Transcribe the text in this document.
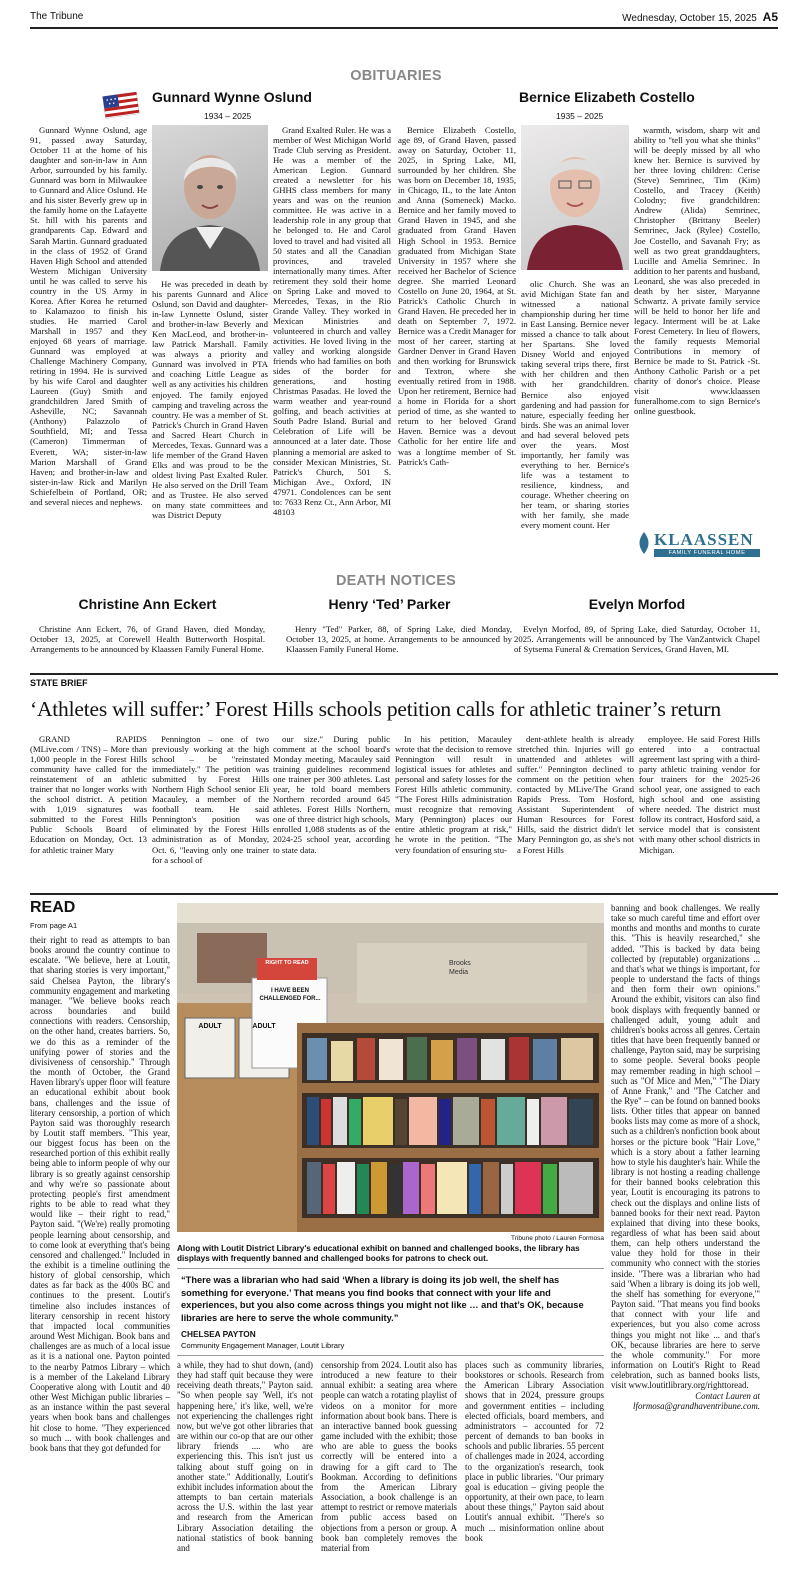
The Tribune	Wednesday, October 15, 2025 A5
OBITUARIES
Gunnard Wynne Oslund
1934 – 2025

Gunnard Wynne Oslund, age 91, passed away Saturday, October 11 at the home of his daughter and son-in-law in Ann Arbor, surrounded by his family. Gunnard was born in Milwaukee to Gunnard and Alice Oslund. He and his sister Beverly grew up in the family home on the Lafayette St. hill with his parents and grandparents Cap. Edward and Sarah Martin. Gunnard graduated in the class of 1952 of Grand Haven High School and attended Western Michigan University until he was called to serve his country in the US Army in Korea. After Korea he returned to Kalamazoo to finish his studies. He married Carol Marshall in 1957 and they enjoyed 68 years of marriage. Gunnard was employed at Challenge Machinery Company, retiring in 1994. He is survived by his wife Carol and daughter Laureen (Guy) Smith and grandchildren Jared Smith of Asheville, NC; Savannah (Anthony) Palazzolo of Southfield, MI; and Tessa (Cameron) Timmerman of Everett, WA; sister-in-law Marion Marshall of Grand Haven; and brother-in-law and sister-in-law Rick and Marilyn Schiefelbein of Portland, OR; and several nieces and nephews.

He was preceded in death by his parents Gunnard and Alice Oslund, son David and daughter-in-law Lynnette Oslund, sister and brother-in-law Beverly and Ken MacLeod, and brother-in-law Patrick Marshall. Family was always a priority and Gunnard was involved in PTA and coaching Little League as well as any activities his children enjoyed. The family enjoyed camping and traveling across the country. He was a member of St. Patrick's Church in Grand Haven and Sacred Heart Church in Mercedes, Texas. Gunnard was a life member of the Grand Haven Elks and was proud to be the oldest living Past Exalted Ruler. He also served on the Drill Team and as Trustee. He also served on many state committees and was District Deputy

Grand Exalted Ruler. He was a member of West Michigan World Trade Club serving as President. He was a member of the American Legion. Gunnard created a newsletter for his GHHS class members for many years and was on the reunion committee. He was active in a leadership role in any group that he belonged to. He and Carol loved to travel and had visited all 50 states and all the Canadian provinces, and traveled internationally many times. After retirement they sold their home on Spring Lake and moved to Mercedes, Texas, in the Rio Grande Valley. They worked in Mexican Ministries and volunteered in church and valley activities. He loved living in the valley and working alongside friends who had families on both sides of the border for generations, and hosting Christmas Pasadas. He loved the warm weather and year-round golfing, and beach activities at South Padre Island. Burial and Celebration of Life will be announced at a later date. Those planning a memorial are asked to consider Mexican Ministries, St. Patrick's Church, 501 S. Michigan Ave., Oxford, IN 47971. Condolences can be sent to: 7633 Renz Ct., Ann Arbor, MI 48103

Bernice Elizabeth Costello
1935 – 2025

Bernice Elizabeth Costello, age 89, of Grand Haven, passed away on Saturday, October 11, 2025, in Spring Lake, MI, surrounded by her children. She was born on December 18, 1935, in Chicago, IL, to the late Anton and Anna (Someneck) Macko. Bernice and her family moved to Grand Haven in 1945, and she graduated from Grand Haven High School in 1953. Bernice graduated from Michigan State University in 1957 where she received her Bachelor of Science degree. She married Leonard Costello on June 20, 1964, at St. Patrick's Catholic Church in Grand Haven. He preceded her in death on September 7, 1972. Bernice was a Credit Manager for most of her career, starting at Gardner Denver in Grand Haven and then working for Brunswick and Textron, where she eventually retired from in 1988. Upon her retirement, Bernice had a home in Florida for a short period of time, as she wanted to return to her beloved Grand Haven. Bernice was a devout Catholic for her entire life and was a longtime member of St. Patrick's Cath-

olic Church. She was an avid Michigan State fan and witnessed a national championship during her time in East Lansing. Bernice never missed a chance to talk about her Spartans. She loved Disney World and enjoyed taking several trips there, first with her children and then with her grandchildren. Bernice also enjoyed gardening and had passion for nature, especially feeding her birds. She was an animal lover and had several beloved pets over the years. Most importantly, her family was everything to her. Bernice's life was a testament to resilience, kindness, and courage. Whether cheering on her team, or sharing stories with her family, she made every moment count. Her

warmth, wisdom, sharp wit and ability to "tell you what she thinks" will be deeply missed by all who knew her. Bernice is survived by her three loving children: Cerise (Steve) Semrinec, Tim (Kim) Costello, and Tracey (Keith) Colodny; five grandchildren: Andrew (Alida) Semrinec, Christopher (Brittany Beeler) Semrinec, Jack (Rylee) Costello, Joe Costello, and Savanah Fry; as well as two great granddaughters, Lucille and Amelia Semrinec. In addition to her parents and husband, Leonard, she was also preceded in death by her sister, Maryanne Schwartz. A private family service will be held to honor her life and legacy. Interment will be at Lake Forest Cemetery. In lieu of flowers, the family requests Memorial Contributions in memory of Bernice be made to St. Patrick -St. Anthony Catholic Parish or a pet charity of donor's choice. Please visit www.klaassen funeralhome.com to sign Bernice's online guestbook.

KLAASSEN
FAMILY FUNERAL HOME
DEATH NOTICES
Christine Ann Eckert	Henry ‘Ted’ Parker	Evelyn Morfod

Christine Ann Eckert, 76, of Grand Haven, died Monday, October 13, 2025, at Corewell Health Butterworth Hospital. Arrangements to be announced by Klaassen Family Funeral Home.

Henry "Ted" Parker, 88, of Spring Lake, died Monday, October 13, 2025, at home. Arrangements to be announced by Klaassen Family Funeral Home.

Evelyn Morfod, 89, of Spring Lake, died Saturday, October 11, 2025. Arrangements will be announced by The VanZantwick Chapel of Sytsema Funeral & Cremation Services, Grand Haven, MI.

STATE BRIEF
‘Athletes will suffer:’ Forest Hills schools petition calls for athletic trainer’s return

GRAND RAPIDS (MLive.com / TNS) – More than 1,000 people in the Forest Hills community have called for the reinstatement of an athletic trainer that no longer works with the school district. A petition with 1,019 signatures was submitted to the Forest Hills Public Schools Board of Education on Monday, Oct. 13 for athletic trainer Mary

Pennington – one of two previously working at the high school – be "reinstated immediately." The petition was submitted by Forest Hills Northern High School senior Eli Macauley, a member of the football team. He said Pennington's position was eliminated by the Forest Hills administration as of Monday, Oct. 6, "leaving only one trainer for a school of

our size." During public comment at the school board's Monday meeting, Macauley said training guidelines recommend one trainer per 300 athletes. Last year, he told board members Northern recorded around 645 athletes. Forest Hills Northern, one of three district high schools, enrolled 1,088 students as of the 2024-25 school year, according to state data.

In his petition, Macauley wrote that the decision to remove Pennington will result in logistical issues for athletes and personal and safety losses for the Forest Hills athletic community. "The Forest Hills administration must recognize that removing Mary (Pennington) places our entire athletic program at risk," he wrote in the petition. "The very foundation of ensuring stu-

dent-athlete health is already stretched thin. Injuries will go unattended and athletes will suffer." Pennington declined to comment on the petition when contacted by MLive/The Grand Rapids Press. Tom Hosford, Assistant Superintendent of Human Resources for Forest Hills, said the district didn't let Mary Pennington go, as she's not a Forest Hills

employee. He said Forest Hills entered into a contractual agreement last spring with a third-party athletic training vendor for four trainers for the 2025-26 school year, one assigned to each high school and one assisting where needed. The district must follow its contract, Hosford said, a service model that is consistent with many other school districts in Michigan.

READ
From page A1

their right to read as attempts to ban books around the country continue to escalate. "We believe, here at Loutit, that sharing stories is very important," said Chelsea Payton, the library's community engagement and marketing manager. "We believe books reach across boundaries and build connections with readers. Censorship, on the other hand, creates barriers. So, we do this as a reminder of the unifying power of stories and the divisiveness of censorship." Through the month of October, the Grand Haven library's upper floor will feature an educational exhibit about book bans, challenges and the issue of literary censorship, a portion of which Payton said was thoroughly research by Loutit staff members. "This year, our biggest focus has been on the researched portion of this exhibit really being able to inform people of why our library is so greatly against censorship and why we're so passionate about protecting people's first amendment rights to be able to read what they would like – their right to read," Payton said. "(We're) really promoting people learning about censorship, and to come look at everything that's being censored and challenged." Included in the exhibit is a timeline outlining the history of global censorship, which dates as far back as the 400s BC and continues to the present. Loutit's timeline also includes instances of literary censorship in recent history that impacted local communities around West Michigan. Book bans and challenges are as much of a local issue as it is a national one. Payton pointed to the nearby Patmos Library – which is a member of the Lakeland Library Cooperative along with Loutit and 40 other West Michigan public libraries – as an instance within the past several years when book bans and challenges hit close to home. "They experienced so much ... with book challenges and book bans that they got defunded for

RIGHT TO READ
I HAVE BEEN CHALLENGED FOR...
ADULT	ADULT
Brooks Media
Tribune photo / Lauren Formosa
Along with Loutit District Library's educational exhibit on banned and challenged books, the library has displays with frequently banned and challenged books for patrons to check out.
“There was a librarian who had said ‘When a library is doing its job well, the shelf has something for everyone.’ That means you find books that connect with your life and experiences, but you also come across things you might not like … and that’s OK, because libraries are here to serve the whole community.”
CHELSEA PAYTON
Community Engagement Manager, Loutit Library

a while, they had to shut down, (and) they had staff quit because they were receiving death threats," Payton said. "So when people say 'Well, it's not happening here,' it's like, well, we're not experiencing the challenges right now, but we've got other libraries that are within our co-op that are our other library friends .... who are experiencing this. This isn't just us talking about stuff going on in another state." Additionally, Loutit's exhibit includes information about the attempts to ban certain materials across the U.S. within the last year and research from the American Library Association detailing the national statistics of book banning and

censorship from 2024. Loutit also has introduced a new feature to their annual exhibit: a seating area where people can watch a rotating playlist of videos on a monitor for more information about book bans. There is an interactive banned book guessing game included with the exhibit; those who are able to guess the books correctly will be entered into a drawing for a gift card to The Bookman. According to definitions from the American Library Association, a book challenge is an attempt to restrict or remove materials from public access based on objections from a person or group. A book ban completely removes the material from

places such as community libraries, bookstores or schools. Research from the American Library Association shows that in 2024, pressure groups and government entities – including elected officials, board members, and administrators – accounted for 72 percent of demands to ban books in schools and public libraries. 55 percent of challenges made in 2024, according to the organization's research, took place in public libraries. "Our primary goal is education – giving people the opportunity, at their own pace, to learn about these things," Payton said about Loutit's annual exhibit. "There's so much ... misinformation online about book

banning and book challenges. We really take so much careful time and effort over months and months and months to curate this. "This is heavily researched," she added. "This is backed by data being collected by (reputable) organizations ... and that's what we things is important, for people to understand the facts of things and then form their own opinions." Around the exhibit, visitors can also find book displays with frequently banned or challenged adult, young adult and children's books across all genres. Certain titles that have been frequently banned or challenge, Payton said, may be surprising to some people. Several books people may remember reading in high school – such as "Of Mice and Men," "The Diary of Anne Frank," and "The Catcher and the Rye" – can be found on banned books lists. Other titles that appear on banned books lists may come as more of a shock, such as a children's nonfiction book about horses or the picture book "Hair Love," which is a story about a father learning how to style his daughter's hair. While the library is not hosting a reading challenge for their banned books celebration this year, Loutit is encouraging its patrons to check out the displays and online lists of banned books for their next read. Payton explained that diving into these books, regardless of what has been said about them, can help others understand the value they hold for those in their community who connect with the stories inside. "There was a librarian who had said 'When a library is doing its job well, the shelf has something for everyone,'" Payton said. "That means you find books that connect with your life and experiences, but you also come across things you might not like ... and that's OK, because libraries are here to serve the whole community." For more information on Loutit's Right to Read celebration, such as banned books lists, visit www.loutitlibrary.org/righttoread.

Contact Lauren at lformosa@grandhaventribune.com.
